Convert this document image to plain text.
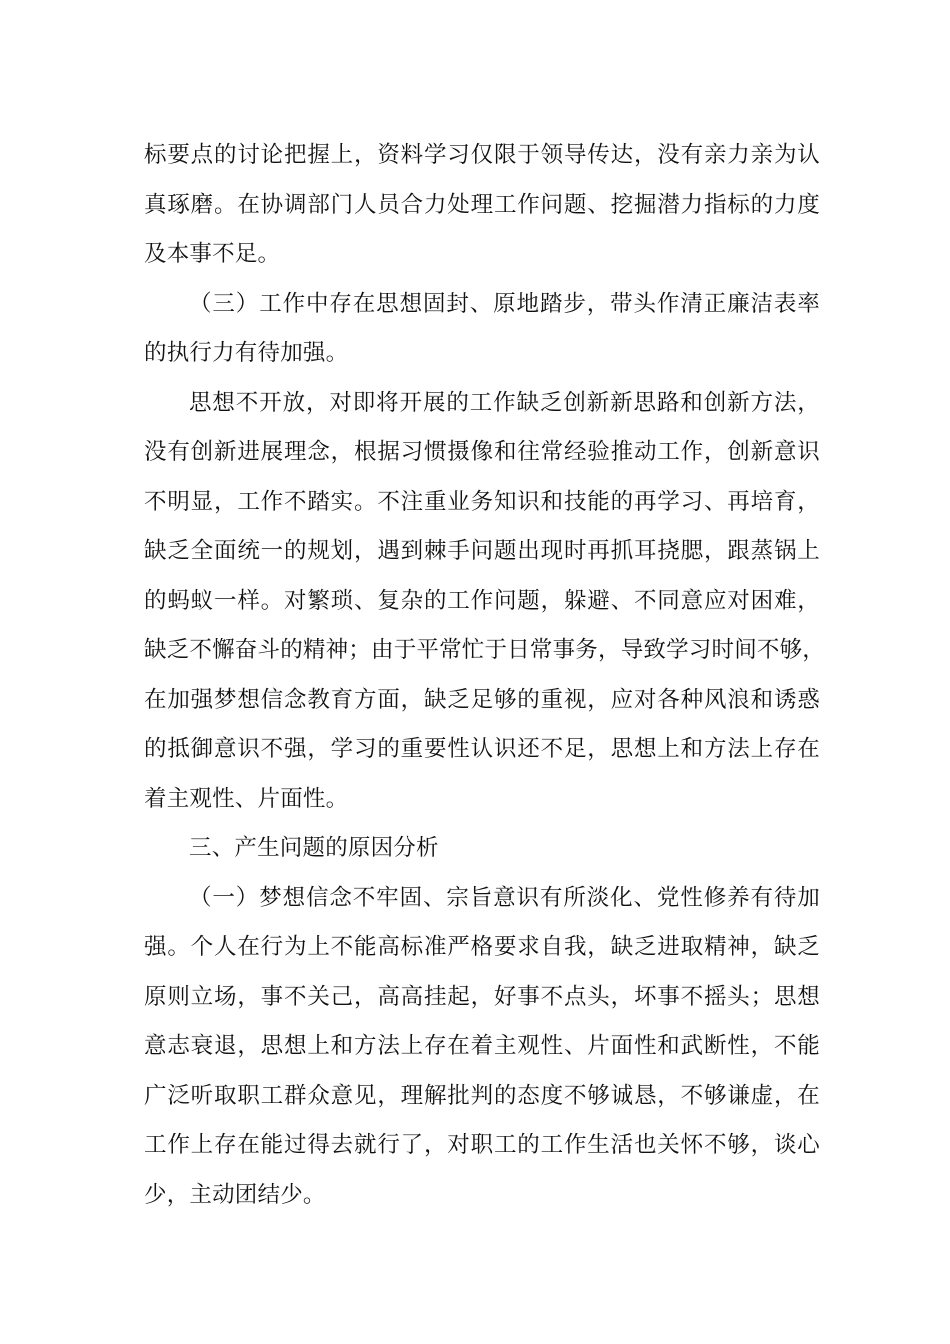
标要点的讨论把握上，资料学习仅限于领导传达，没有亲力亲为认
真琢磨。在协调部门人员合力处理工作问题、挖掘潜力指标的力度
及本事不足。
（三）工作中存在思想固封、原地踏步，带头作清正廉洁表率
的执行力有待加强。
思想不开放，对即将开展的工作缺乏创新新思路和创新方法，
没有创新进展理念，根据习惯摄像和往常经验推动工作，创新意识
不明显，工作不踏实。不注重业务知识和技能的再学习、再培育，
缺乏全面统一的规划，遇到棘手问题出现时再抓耳挠腮，跟蒸锅上
的蚂蚁一样。对繁琐、复杂的工作问题，躲避、不同意应对困难，
缺乏不懈奋斗的精神；由于平常忙于日常事务，导致学习时间不够，
在加强梦想信念教育方面，缺乏足够的重视，应对各种风浪和诱惑
的抵御意识不强，学习的重要性认识还不足，思想上和方法上存在
着主观性、片面性。
三、产生问题的原因分析
（一）梦想信念不牢固、宗旨意识有所淡化、党性修养有待加
强。个人在行为上不能高标准严格要求自我，缺乏进取精神，缺乏
原则立场，事不关己，高高挂起，好事不点头，坏事不摇头；思想
意志衰退，思想上和方法上存在着主观性、片面性和武断性，不能
广泛听取职工群众意见，理解批判的态度不够诚恳，不够谦虚，在
工作上存在能过得去就行了，对职工的工作生活也关怀不够，谈心
少，主动团结少。
